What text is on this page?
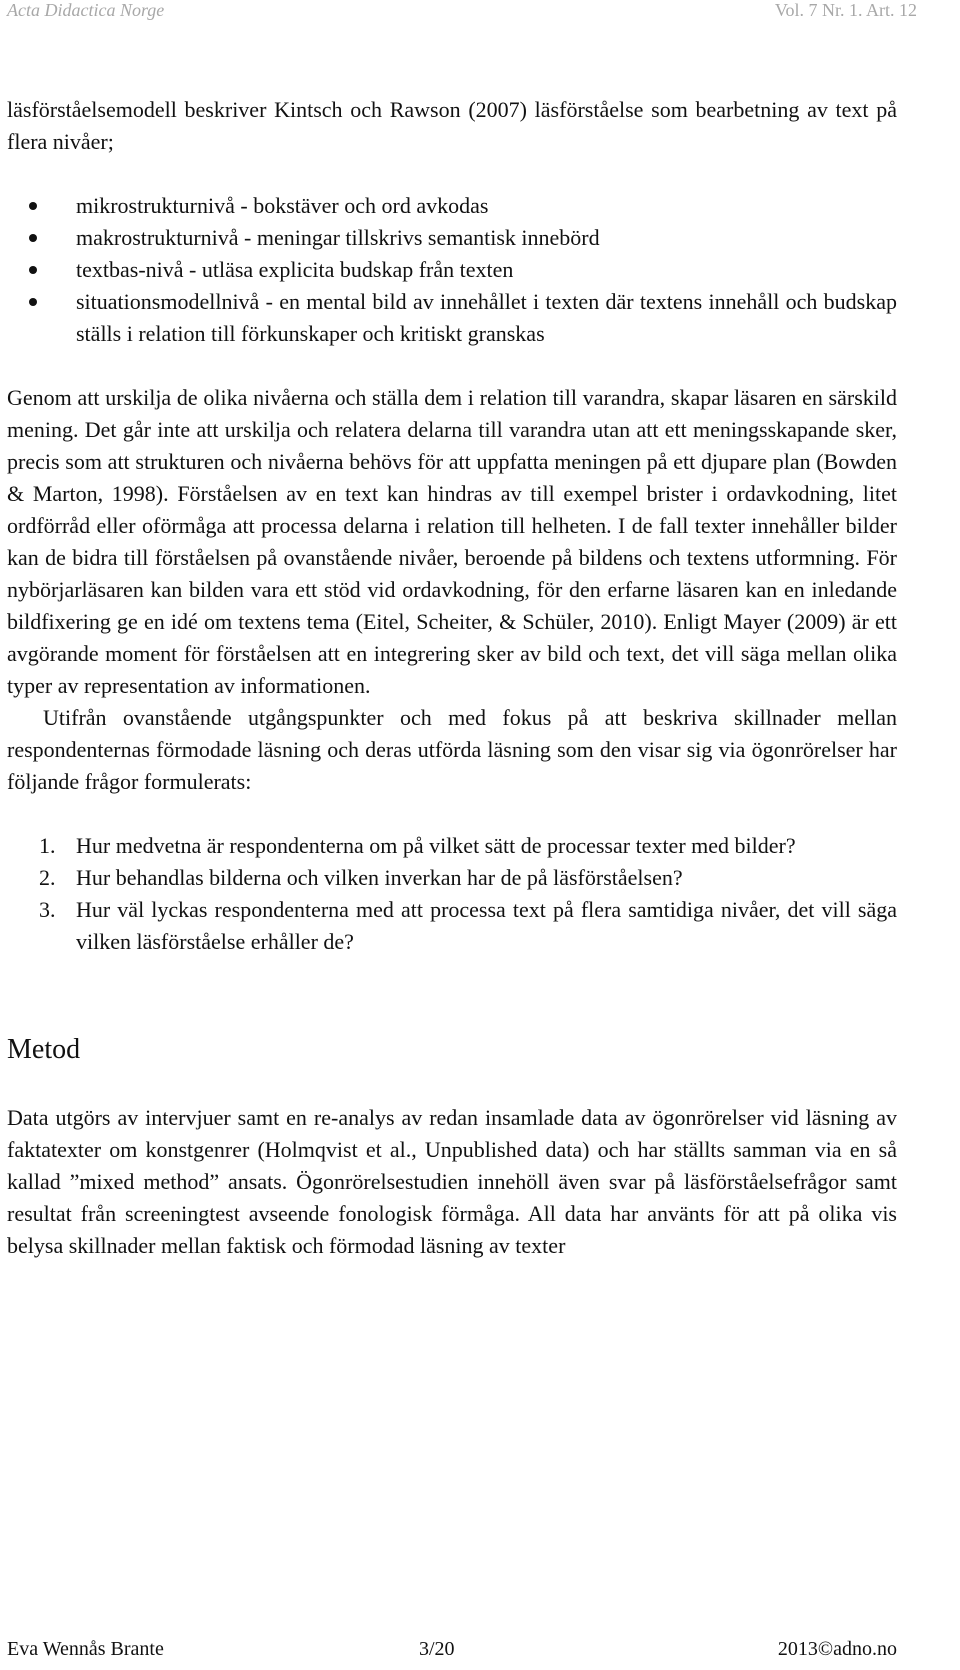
Acta Didactica Norge	Vol. 7 Nr. 1. Art. 12

läsförståelsemodell beskriver Kintsch och Rawson (2007) läsförståelse som bearbetning av text på flera nivåer;

mikrostrukturnivå - bokstäver och ord avkodas
makrostrukturnivå - meningar tillskrivs semantisk innebörd
textbas-nivå - utläsa explicita budskap från texten
situationsmodellnivå - en mental bild av innehållet i texten där textens innehåll och budskap ställs i relation till förkunskaper och kritiskt granskas

Genom att urskilja de olika nivåerna och ställa dem i relation till varandra, skapar läsaren en särskild mening. Det går inte att urskilja och relatera delarna till varandra utan att ett meningsskapande sker, precis som att strukturen och nivåerna behövs för att uppfatta meningen på ett djupare plan (Bowden & Marton, 1998). Förståelsen av en text kan hindras av till exempel brister i ordavkodning, litet ordförråd eller oförmåga att processa delarna i relation till helheten. I de fall texter innehåller bilder kan de bidra till förståelsen på ovanstående nivåer, beroende på bildens och textens utformning. För nybörjarläsaren kan bilden vara ett stöd vid ordavkodning, för den erfarne läsaren kan en inledande bildfixering ge en idé om textens tema (Eitel, Scheiter, & Schüler, 2010). Enligt Mayer (2009) är ett avgörande moment för förståelsen att en integrering sker av bild och text, det vill säga mellan olika typer av representation av informationen.

Utifrån ovanstående utgångspunkter och med fokus på att beskriva skillnader mellan respondenternas förmodade läsning och deras utförda läsning som den visar sig via ögonrörelser har följande frågor formulerats:

1. Hur medvetna är respondenterna om på vilket sätt de processar texter med bilder?
2. Hur behandlas bilderna och vilken inverkan har de på läsförståelsen?
3. Hur väl lyckas respondenterna med att processa text på flera samtidiga nivåer, det vill säga vilken läsförståelse erhåller de?
Metod

Data utgörs av intervjuer samt en re-analys av redan insamlade data av ögonrörelser vid läsning av faktatexter om konstgenrer (Holmqvist et al., Unpublished data) och har ställts samman via en så kallad ”mixed method” ansats. Ögonrörelsestudien innehöll även svar på läsförståelsefrågor samt resultat från screeningtest avseende fonologisk förmåga. All data har använts för att på olika vis belysa skillnader mellan faktisk och förmodad läsning av texter

Eva Wennås Brante	3/20	2013©adno.no
